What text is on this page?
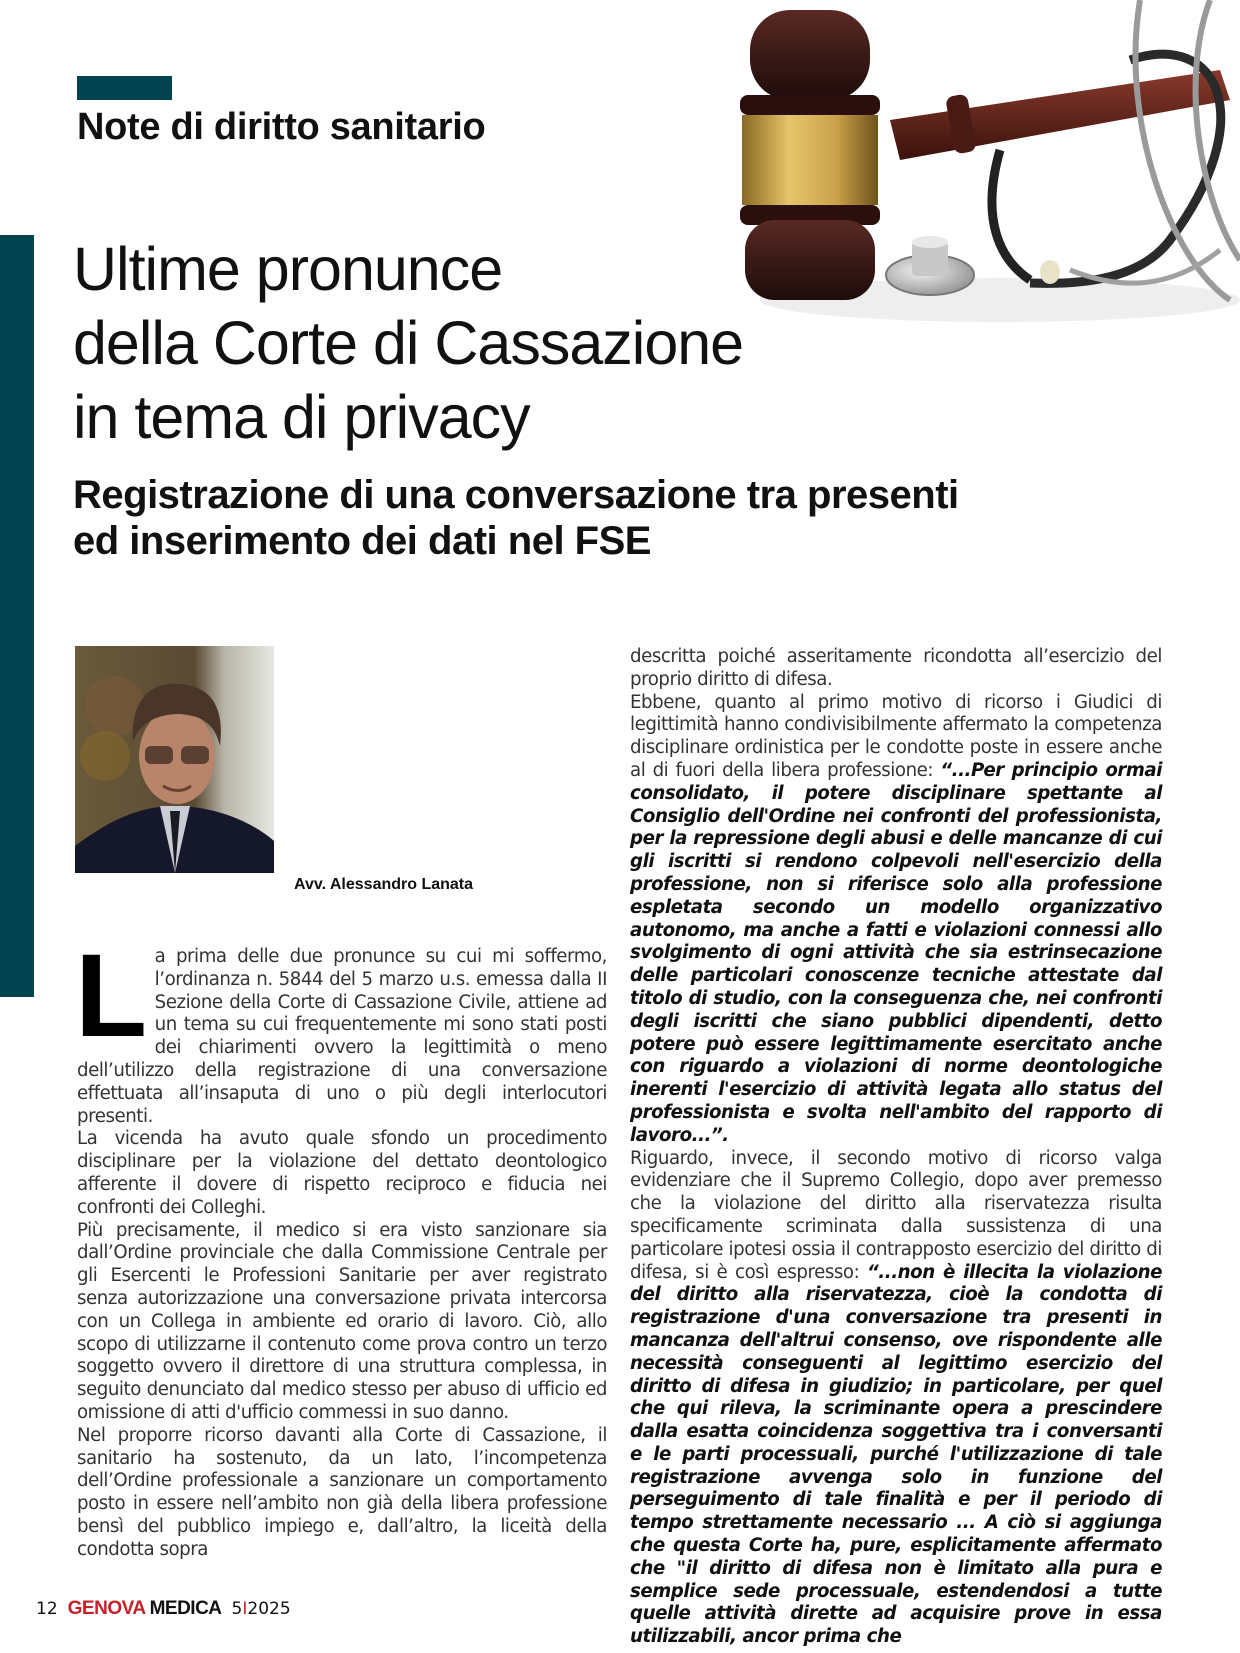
Note di diritto sanitario
Ultime pronunce
della Corte di Cassazione
in tema di privacy
Registrazione di una conversazione tra presenti
ed inserimento dei dati nel FSE
Avv. Alessandro Lanata

La prima delle due pronunce su cui mi soffermo, l’ordinanza n. 5844 del 5 marzo u.s. emessa dalla II Sezione della Corte di Cassazione Civile, attiene ad un tema su cui frequentemente mi sono stati posti dei chiarimenti ovvero la legittimità o meno dell’utilizzo della registrazione di una conversazione effettuata all’insaputa di uno o più degli interlocutori presenti.

La vicenda ha avuto quale sfondo un procedimento disciplinare per la violazione del dettato deontologico afferente il dovere di rispetto reciproco e fiducia nei confronti dei Colleghi.

Più precisamente, il medico si era visto sanzionare sia dall’Ordine provinciale che dalla Commissione Centrale per gli Esercenti le Professioni Sanitarie per aver registrato senza autorizzazione una conversazione privata intercorsa con un Collega in ambiente ed orario di lavoro. Ciò, allo scopo di utilizzarne il contenuto come prova contro un terzo soggetto ovvero il direttore di una struttura complessa, in seguito denunciato dal medico stesso per abuso di ufficio ed omissione di atti d'ufficio commessi in suo danno.

Nel proporre ricorso davanti alla Corte di Cassazione, il sanitario ha sostenuto, da un lato, l’incompetenza dell’Ordine professionale a sanzionare un comportamento posto in essere nell’ambito non già della libera professione bensì del pubblico impiego e, dall’altro, la liceità della condotta sopra

descritta poiché asseritamente ricondotta all’esercizio del proprio diritto di difesa.

Ebbene, quanto al primo motivo di ricorso i Giudici di legittimità hanno condivisibilmente affermato la competenza disciplinare ordinistica per le condotte poste in essere anche al di fuori della libera professione: “...Per principio ormai consolidato, il potere disciplinare spettante al Consiglio dell'Ordine nei confronti del professionista, per la repressione degli abusi e delle mancanze di cui gli iscritti si rendono colpevoli nell'esercizio della professione, non si riferisce solo alla professione espletata secondo un modello organizzativo autonomo, ma anche a fatti e violazioni connessi allo svolgimento di ogni attività che sia estrinsecazione delle particolari conoscenze tecniche attestate dal titolo di studio, con la conseguenza che, nei confronti degli iscritti che siano pubblici dipendenti, detto potere può essere legittimamente esercitato anche con riguardo a violazioni di norme deontologiche inerenti l'esercizio di attività legata allo status del professionista e svolta nell'ambito del rapporto di lavoro...”.

Riguardo, invece, il secondo motivo di ricorso valga evidenziare che il Supremo Collegio, dopo aver premesso che la violazione del diritto alla riservatezza risulta specificamente scriminata dalla sussistenza di una particolare ipotesi ossia il contrapposto esercizio del diritto di difesa, si è così espresso: “...non è illecita la violazione del diritto alla riservatezza, cioè la condotta di registrazione d'una conversazione tra presenti in mancanza dell'altrui consenso, ove rispondente alle necessità conseguenti al legittimo esercizio del diritto di difesa in giudizio; in particolare, per quel che qui rileva, la scriminante opera a prescindere dalla esatta coincidenza soggettiva tra i conversanti e le parti processuali, purché l'utilizzazione di tale registrazione avvenga solo in funzione del perseguimento di tale finalità e per il periodo di tempo strettamente necessario ... A ciò si aggiunga che questa Corte ha, pure, esplicitamente affermato che "il diritto di difesa non è limitato alla pura e semplice sede processuale, estendendosi a tutte quelle attività dirette ad acquisire prove in essa utilizzabili, ancor prima che

12 GENOVA MEDICA 5I2025
